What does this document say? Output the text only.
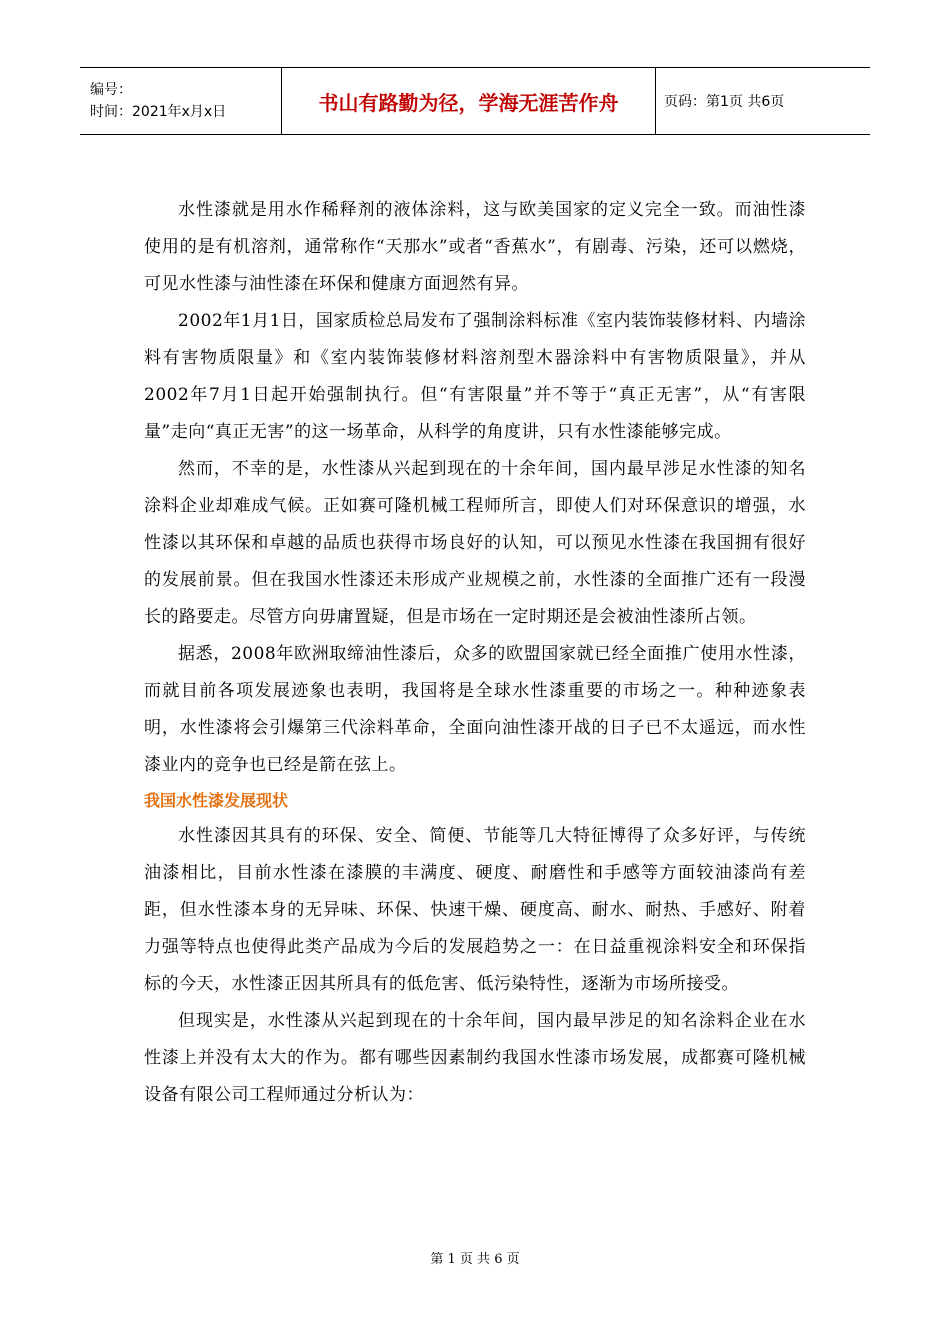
编号：
时间：2021年x月x日	书山有路勤为径，学海无涯苦作舟	页码：第1页 共6页

水性漆就是用水作稀释剂的液体涂料，这与欧美国家的定义完全一致。而油性漆使用的是有机溶剂，通常称作“天那水”或者“香蕉水”，有剧毒、污染，还可以燃烧，可见水性漆与油性漆在环保和健康方面迥然有异。

2002年1月1日，国家质检总局发布了强制涂料标准《室内装饰装修材料、内墙涂料有害物质限量》和《室内装饰装修材料溶剂型木器涂料中有害物质限量》，并从2002年7月1日起开始强制执行。但“有害限量”并不等于“真正无害”，从“有害限量”走向“真正无害”的这一场革命，从科学的角度讲，只有水性漆能够完成。

然而，不幸的是，水性漆从兴起到现在的十余年间，国内最早涉足水性漆的知名涂料企业却难成气候。正如赛可隆机械工程师所言，即使人们对环保意识的增强，水性漆以其环保和卓越的品质也获得市场良好的认知，可以预见水性漆在我国拥有很好的发展前景。但在我国水性漆还未形成产业规模之前，水性漆的全面推广还有一段漫长的路要走。尽管方向毋庸置疑，但是市场在一定时期还是会被油性漆所占领。

据悉，2008年欧洲取缔油性漆后，众多的欧盟国家就已经全面推广使用水性漆，而就目前各项发展迹象也表明，我国将是全球水性漆重要的市场之一。种种迹象表明，水性漆将会引爆第三代涂料革命，全面向油性漆开战的日子已不太遥远，而水性漆业内的竞争也已经是箭在弦上。

我国水性漆发展现状

水性漆因其具有的环保、安全、简便、节能等几大特征博得了众多好评，与传统油漆相比，目前水性漆在漆膜的丰满度、硬度、耐磨性和手感等方面较油漆尚有差距，但水性漆本身的无异味、环保、快速干燥、硬度高、耐水、耐热、手感好、附着力强等特点也使得此类产品成为今后的发展趋势之一：在日益重视涂料安全和环保指标的今天，水性漆正因其所具有的低危害、低污染特性，逐渐为市场所接受。

但现实是，水性漆从兴起到现在的十余年间，国内最早涉足的知名涂料企业在水性漆上并没有太大的作为。都有哪些因素制约我国水性漆市场发展，成都赛可隆机械设备有限公司工程师通过分析认为：

第 1 页 共 6 页
